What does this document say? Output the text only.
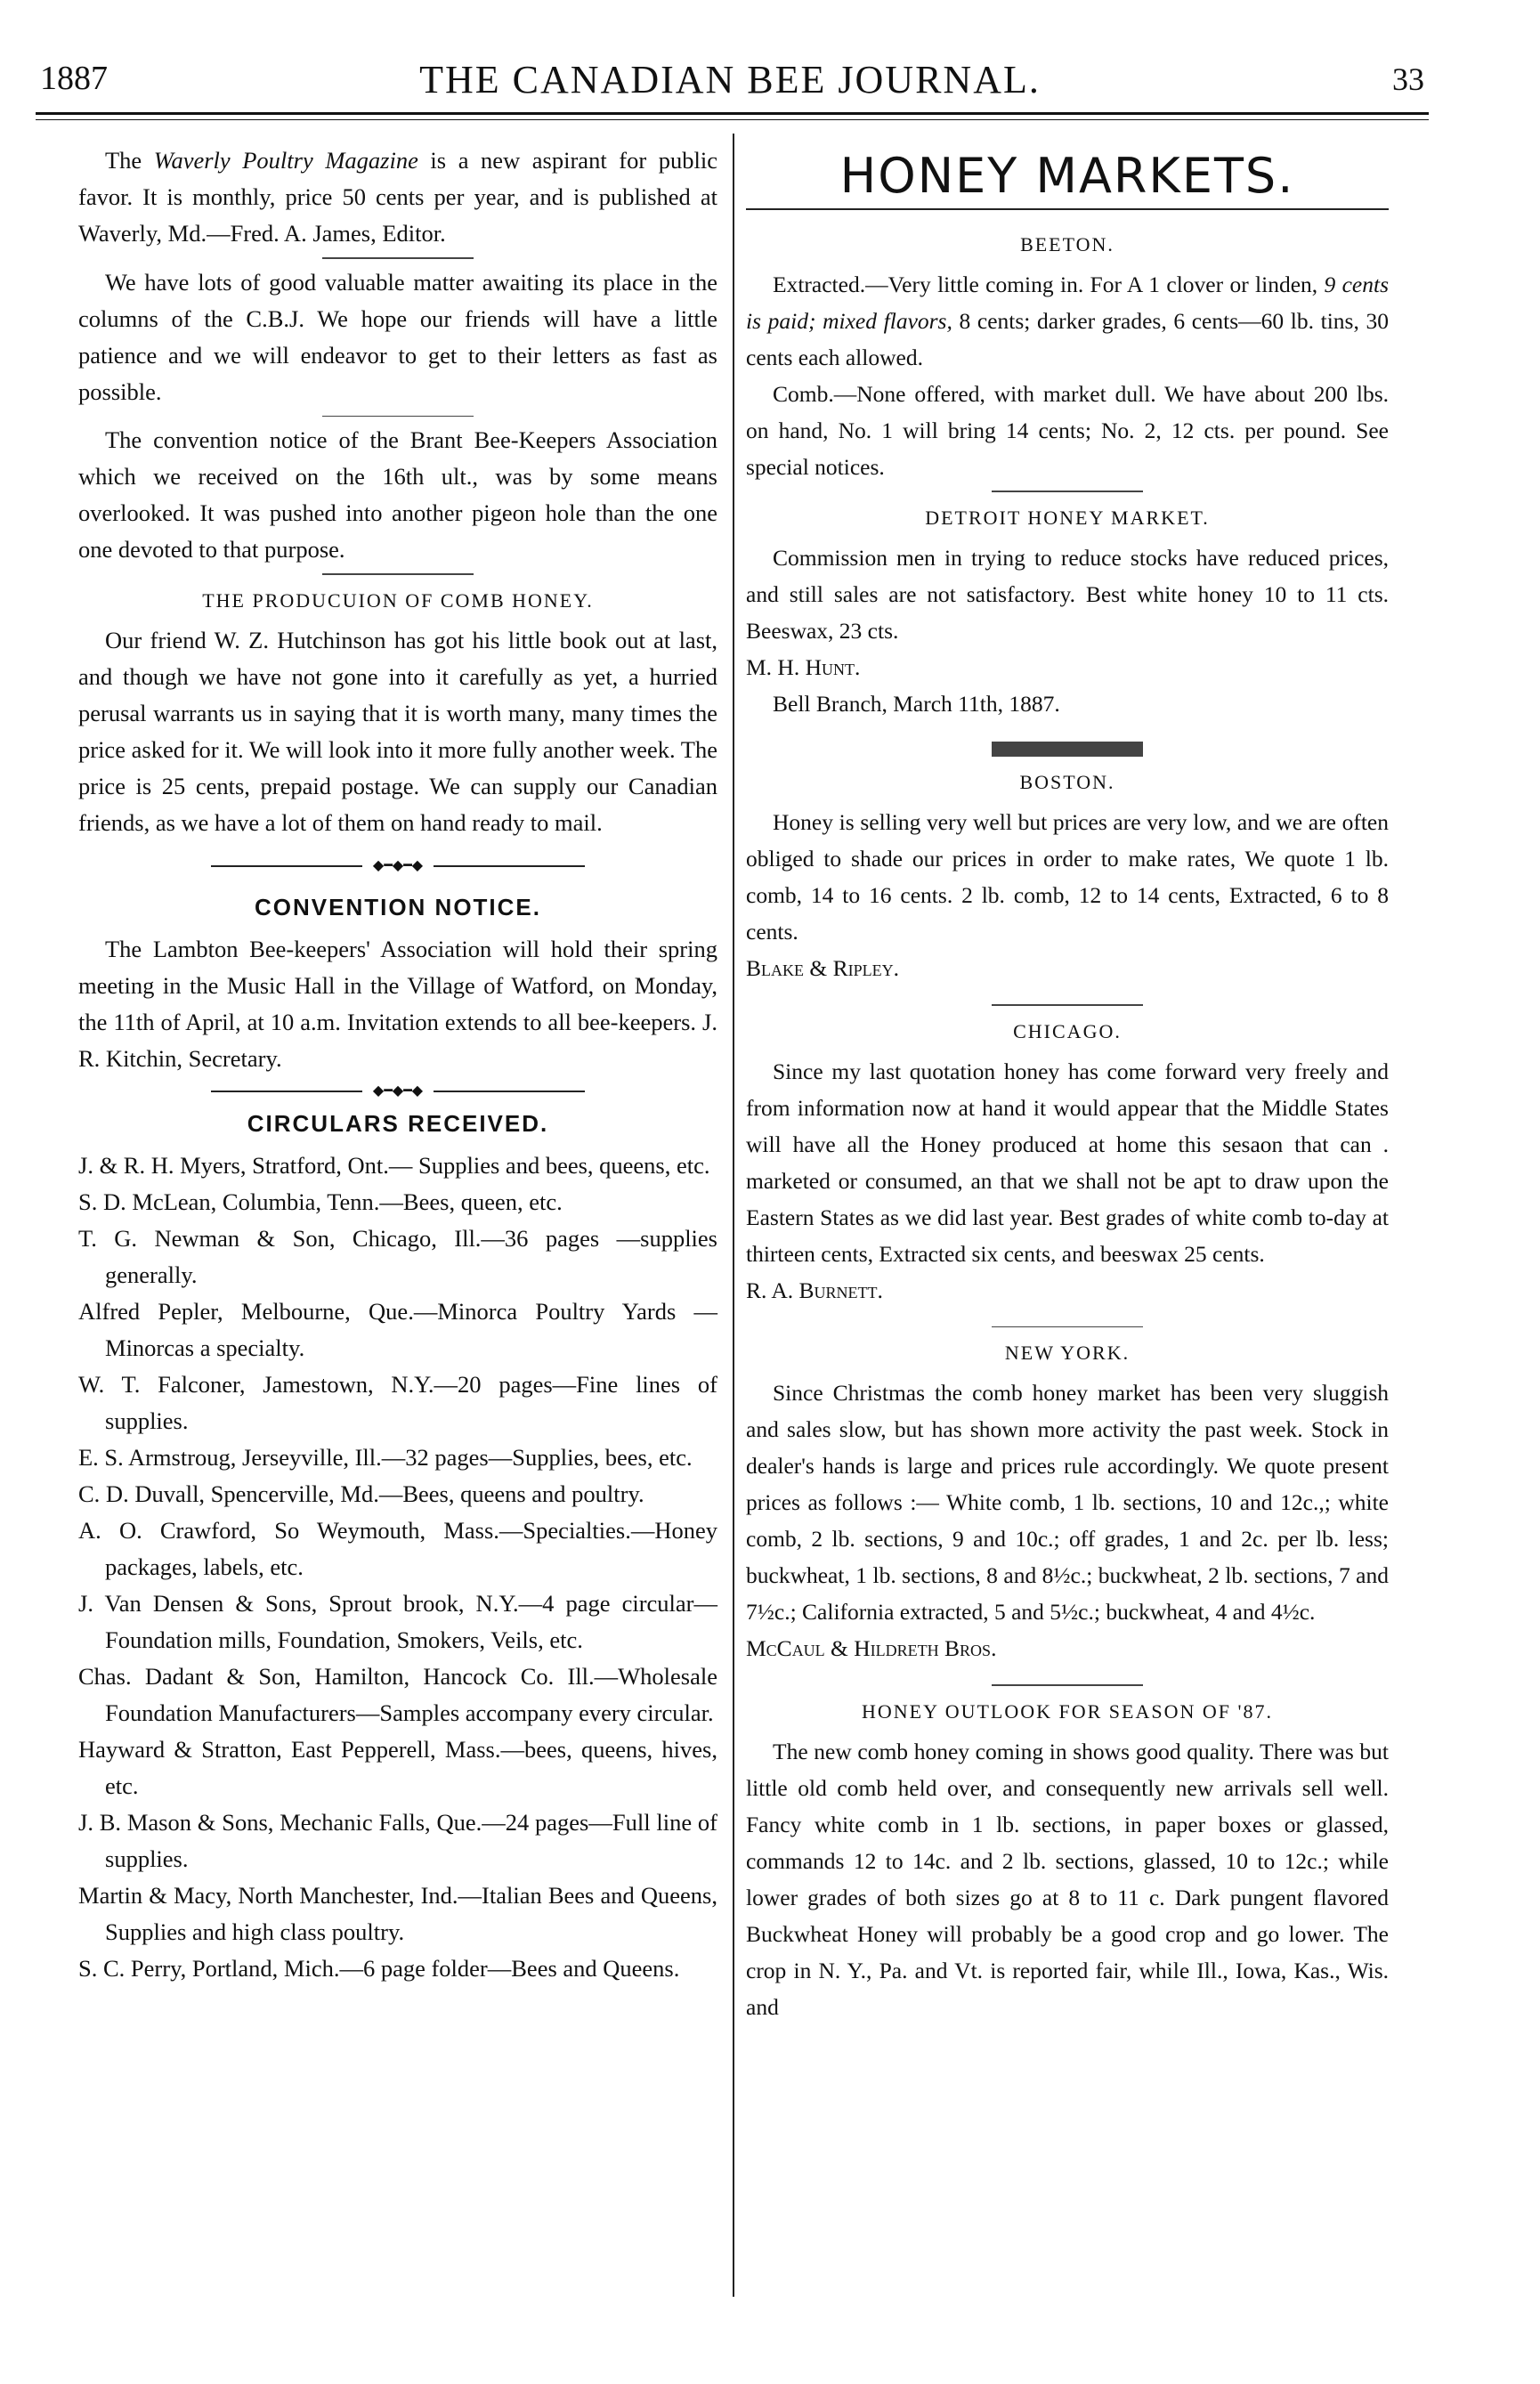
1887	THE CANADIAN BEE JOURNAL.	33

The Waverly Poultry Magazine is a new aspirant for public favor. It is monthly, price 50 cents per year, and is published at Waverly, Md.—Fred. A. James, Editor.

We have lots of good valuable matter awaiting its place in the columns of the C.B.J. We hope our friends will have a little patience and we will endeavor to get to their letters as fast as possible.

The convention notice of the Brant Bee-Keepers Association which we received on the 16th ult., was by some means overlooked. It was pushed into another pigeon hole than the one one devoted to that purpose.

THE PRODUCUION OF COMB HONEY.

Our friend W. Z. Hutchinson has got his little book out at last, and though we have not gone into it carefully as yet, a hurried perusal warrants us in saying that it is worth many, many times the price asked for it. We will look into it more fully another week. The price is 25 cents, prepaid postage. We can supply our Canadian friends, as we have a lot of them on hand ready to mail.

◆━◆━◆
CONVENTION NOTICE.

The Lambton Bee-keepers' Association will hold their spring meeting in the Music Hall in the Village of Watford, on Monday, the 11th of April, at 10 a.m. Invitation extends to all bee-keepers. J. R. Kitchin, Secretary.

◆━◆━◆
CIRCULARS RECEIVED.

J. & R. H. Myers, Stratford, Ont.— Supplies and bees, queens, etc.

S. D. McLean, Columbia, Tenn.—Bees, queen, etc.

T. G. Newman & Son, Chicago, Ill.—36 pages —supplies generally.

Alfred Pepler, Melbourne, Que.—Minorca Poultry Yards —Minorcas a specialty.

W. T. Falconer, Jamestown, N.Y.—20 pages—Fine lines of supplies.

E. S. Armstroug, Jerseyville, Ill.—32 pages—Supplies, bees, etc.

C. D. Duvall, Spencerville, Md.—Bees, queens and poultry.

A. O. Crawford, So Weymouth, Mass.—Specialties.—Honey packages, labels, etc.

J. Van Densen & Sons, Sprout brook, N.Y.—4 page circular—Foundation mills, Foundation, Smokers, Veils, etc.

Chas. Dadant & Son, Hamilton, Hancock Co. Ill.—Wholesale Foundation Manufacturers—Samples accompany every circular.

Hayward & Stratton, East Pepperell, Mass.—bees, queens, hives, etc.

J. B. Mason & Sons, Mechanic Falls, Que.—24 pages—Full line of supplies.

Martin & Macy, North Manchester, Ind.—Italian Bees and Queens, Supplies and high class poultry.

S. C. Perry, Portland, Mich.—6 page folder—Bees and Queens.

HONEY MARKETS.
BEETON.

Extracted.—Very little coming in. For A 1 clover or linden, 9 cents is paid; mixed flavors, 8 cents; darker grades, 6 cents—60 lb. tins, 30 cents each allowed.

Comb.—None offered, with market dull. We have about 200 lbs. on hand, No. 1 will bring 14 cents; No. 2, 12 cts. per pound. See special notices.

DETROIT HONEY MARKET.

Commission men in trying to reduce stocks have reduced prices, and still sales are not satisfactory. Best white honey 10 to 11 cts. Beeswax, 23 cts.

M. H. Hunt.

Bell Branch, March 11th, 1887.

BOSTON.

Honey is selling very well but prices are very low, and we are often obliged to shade our prices in order to make rates, We quote 1 lb. comb, 14 to 16 cents. 2 lb. comb, 12 to 14 cents, Extracted, 6 to 8 cents.

Blake & Ripley.

CHICAGO.

Since my last quotation honey has come forward very freely and from information now at hand it would appear that the Middle States will have all the Honey produced at home this sesaon that can . marketed or consumed, an that we shall not be apt to draw upon the Eastern States as we did last year. Best grades of white comb to-day at thirteen cents, Extracted six cents, and beeswax 25 cents.

R. A. Burnett.

NEW YORK.

Since Christmas the comb honey market has been very sluggish and sales slow, but has shown more activity the past week. Stock in dealer's hands is large and prices rule accordingly. We quote present prices as follows :— White comb, 1 lb. sections, 10 and 12c.,; white comb, 2 lb. sections, 9 and 10c.; off grades, 1 and 2c. per lb. less; buckwheat, 1 lb. sections, 8 and 8½c.; buckwheat, 2 lb. sections, 7 and 7½c.; California extracted, 5 and 5½c.; buckwheat, 4 and 4½c.

McCaul & Hildreth Bros.

HONEY OUTLOOK FOR SEASON OF '87.

The new comb honey coming in shows good quality. There was but little old comb held over, and consequently new arrivals sell well. Fancy white comb in 1 lb. sections, in paper boxes or glassed, commands 12 to 14c. and 2 lb. sections, glassed, 10 to 12c.; while lower grades of both sizes go at 8 to 11 c. Dark pungent flavored Buckwheat Honey will probably be a good crop and go lower. The crop in N. Y., Pa. and Vt. is reported fair, while Ill., Iowa, Kas., Wis. and
